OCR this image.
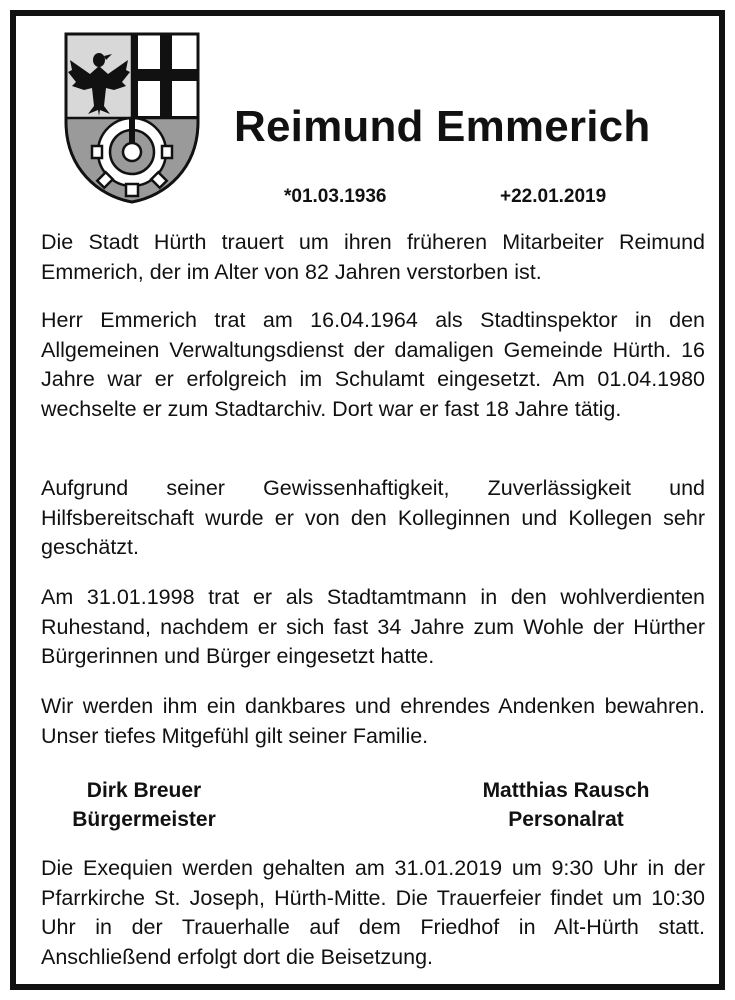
Reimund Emmerich
*01.03.1936	+22.01.2019

Die Stadt Hürth trauert um ihren früheren Mitarbeiter Reimund Emmerich, der im Alter von 82 Jahren verstorben ist.

Herr Emmerich trat am 16.04.1964 als Stadtinspektor in den Allgemeinen Verwaltungsdienst der damaligen Gemeinde Hürth. 16 Jahre war er erfolgreich im Schulamt eingesetzt. Am 01.04.1980 wechselte er zum Stadtarchiv. Dort war er fast 18 Jahre tätig.

Aufgrund seiner Gewissenhaftigkeit, Zuverlässigkeit und Hilfsbereitschaft wurde er von den Kolleginnen und Kollegen sehr geschätzt.

Am 31.01.1998 trat er als Stadtamtmann in den wohlverdienten Ruhestand, nachdem er sich fast 34 Jahre zum Wohle der Hürther Bürgerinnen und Bürger eingesetzt hatte.

Wir werden ihm ein dankbares und ehrendes Andenken bewahren. Unser tiefes Mitgefühl gilt seiner Familie.

Dirk Breuer
Bürgermeister
Matthias Rausch
Personalrat

Die Exequien werden gehalten am 31.01.2019 um 9:30 Uhr in der Pfarrkirche St. Joseph, Hürth-Mitte. Die Trauerfeier findet um 10:30 Uhr in der Trauerhalle auf dem Friedhof in Alt-Hürth statt. Anschließend erfolgt dort die Beisetzung.
